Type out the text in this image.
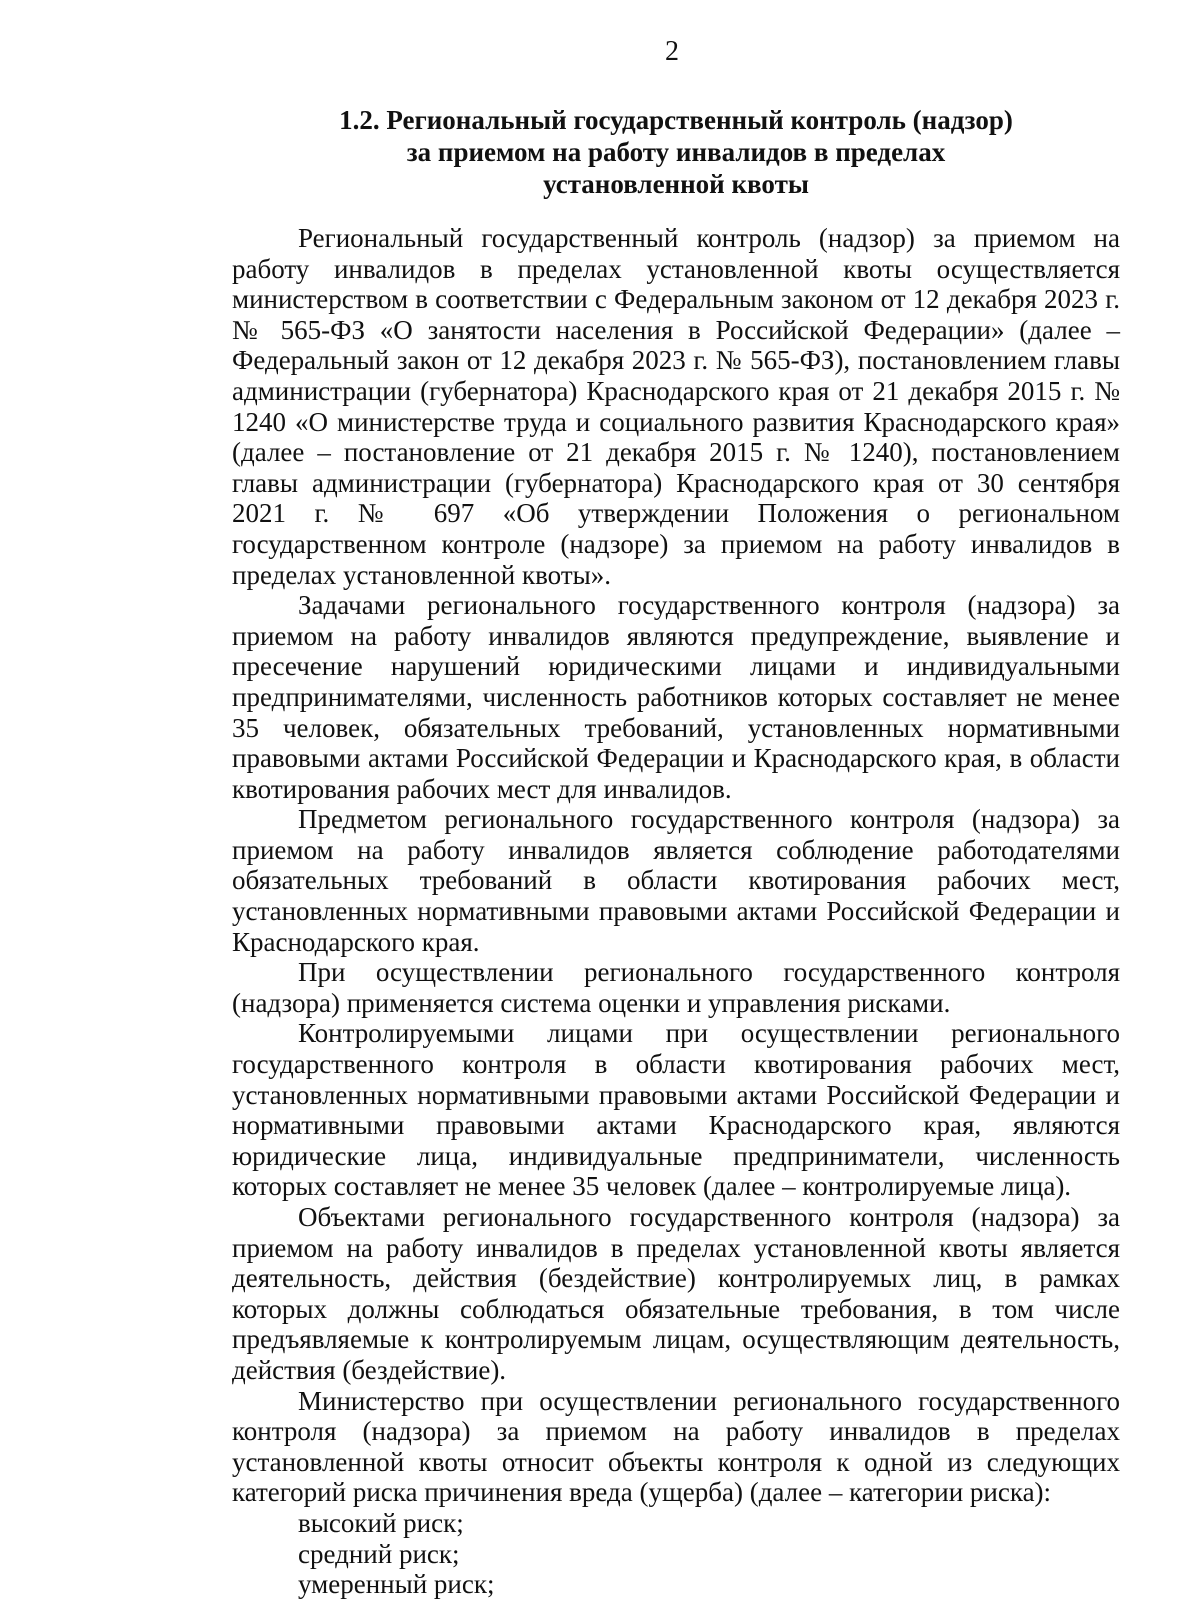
2
1.2. Региональный государственный контроль (надзор)
за приемом на работу инвалидов в пределах
установленной квоты

Региональный государственный контроль (надзор) за приемом на работу инвалидов в пределах установленной квоты осуществляется министерством в соответствии с Федеральным законом от 12 декабря 2023 г. № 565-ФЗ «О занятости населения в Российской Федерации» (далее – Федеральный закон от 12 декабря 2023 г. № 565-ФЗ), постановлением главы администрации (губернатора) Краснодарского края от 21 декабря 2015 г. № 1240 «О министерстве труда и социального развития Краснодарского края» (далее – постановление от 21 декабря 2015 г. № 1240), постановлением главы администрации (губернатора) Краснодарского края от 30 сентября 2021 г. № 697 «Об утверждении Положения о региональном государственном контроле (надзоре) за приемом на работу инвалидов в пределах установленной квоты».

Задачами регионального государственного контроля (надзора) за приемом на работу инвалидов являются предупреждение, выявление и пресечение нарушений юридическими лицами и индивидуальными предпринимателями, численность работников которых составляет не менее 35 человек, обязательных требований, установленных нормативными правовыми актами Российской Федерации и Краснодарского края, в области квотирования рабочих мест для инвалидов.

Предметом регионального государственного контроля (надзора) за приемом на работу инвалидов является соблюдение работодателями обязательных требований в области квотирования рабочих мест, установленных нормативными правовыми актами Российской Федерации и Краснодарского края.

При осуществлении регионального государственного контроля (надзора) применяется система оценки и управления рисками.

Контролируемыми лицами при осуществлении регионального государственного контроля в области квотирования рабочих мест, установленных нормативными правовыми актами Российской Федерации и нормативными правовыми актами Краснодарского края, являются юридические лица, индивидуальные предприниматели, численность которых составляет не менее 35 человек (далее – контролируемые лица).

Объектами регионального государственного контроля (надзора) за приемом на работу инвалидов в пределах установленной квоты является деятельность, действия (бездействие) контролируемых лиц, в рамках которых должны соблюдаться обязательные требования, в том числе предъявляемые к контролируемым лицам, осуществляющим деятельность, действия (бездействие).

Министерство при осуществлении регионального государственного контроля (надзора) за приемом на работу инвалидов в пределах установленной квоты относит объекты контроля к одной из следующих категорий риска причинения вреда (ущерба) (далее – категории риска):

высокий риск;

средний риск;

умеренный риск;
